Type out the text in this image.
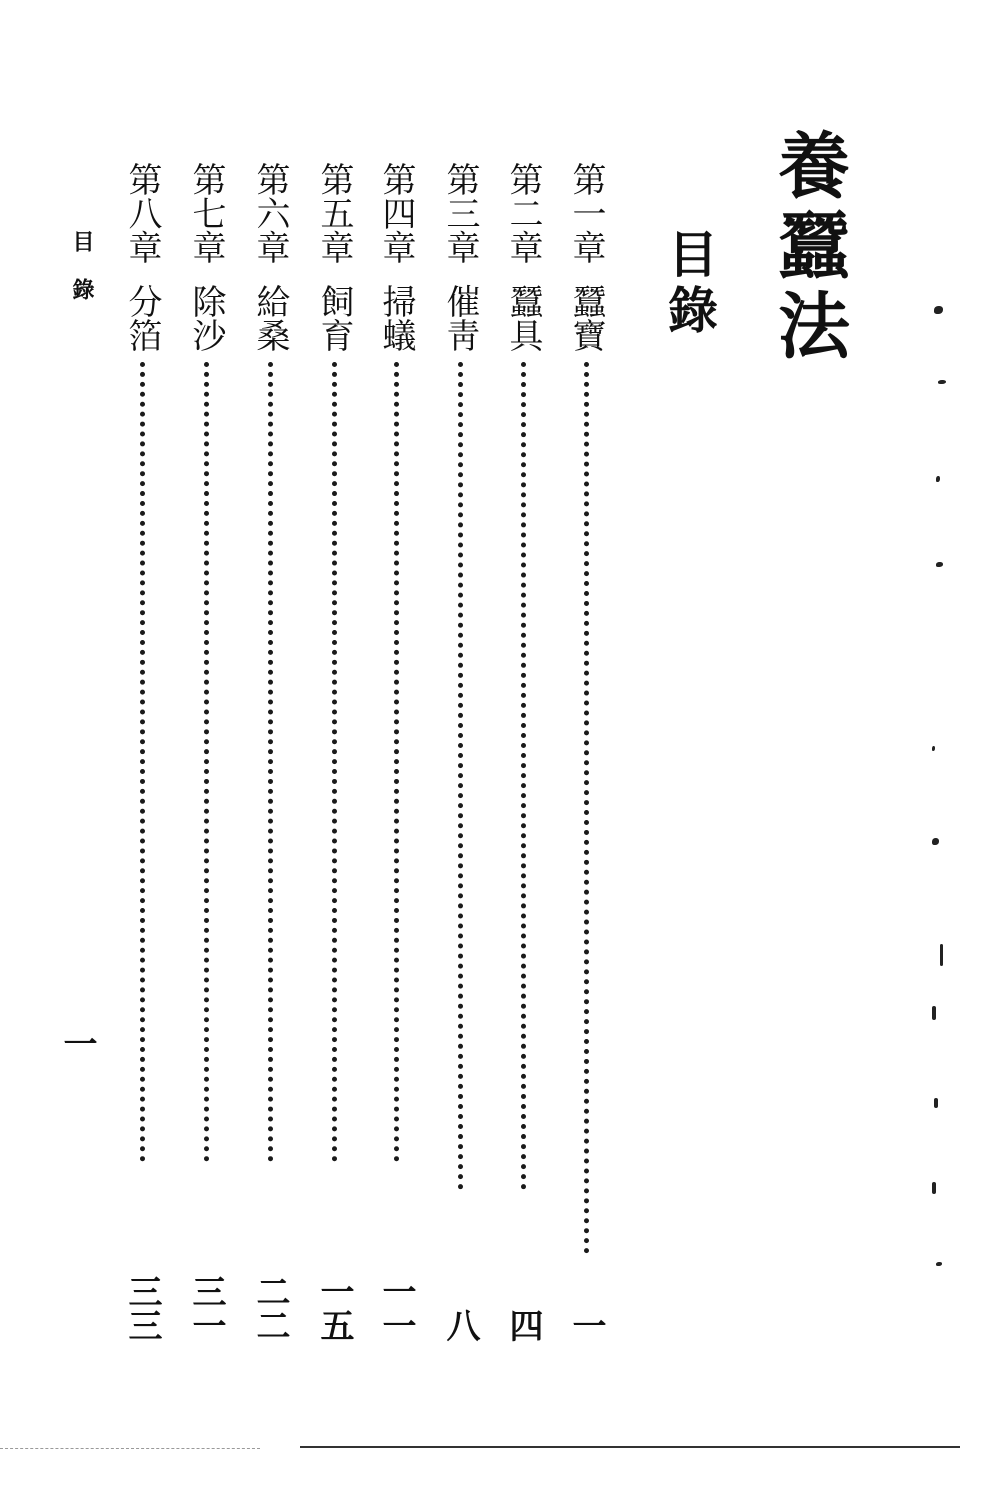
養蠶法
目錄
第一章
蠶寶
一
第二章
蠶具
四
第三章
催靑
八
第四章
掃蟻
一一
第五章
飼育
一五
第六章
給桑
二二
第七章
除沙
三一
第八章
分箔
三三
目錄
一
